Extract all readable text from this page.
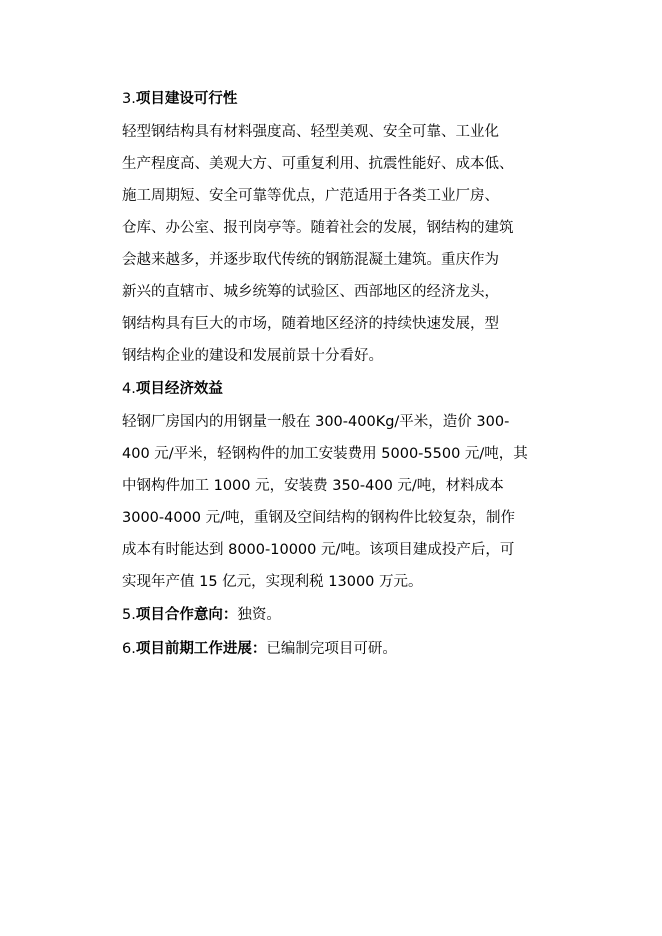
3.项目建设可行性
轻型钢结构具有材料强度高、轻型美观、安全可靠、工业化
生产程度高、美观大方、可重复利用、抗震性能好、成本低、
施工周期短、安全可靠等优点，广范适用于各类工业厂房、
仓库、办公室、报刊岗亭等。随着社会的发展，钢结构的建筑
会越来越多，并逐步取代传统的钢筋混凝土建筑。重庆作为
新兴的直辖市、城乡统筹的试验区、西部地区的经济龙头，
钢结构具有巨大的市场，随着地区经济的持续快速发展，型
钢结构企业的建设和发展前景十分看好。
4.项目经济效益
轻钢厂房国内的用钢量一般在 300-400Kg/平米，造价 300-
400 元/平米，轻钢构件的加工安装费用 5000-5500 元/吨，其
中钢构件加工 1000 元，安装费 350-400 元/吨，材料成本
3000-4000 元/吨，重钢及空间结构的钢构件比较复杂，制作
成本有时能达到 8000-10000 元/吨。该项目建成投产后，可
实现年产值 15 亿元，实现利税 13000 万元。
5.项目合作意向：独资。
6.项目前期工作进展：已编制完项目可研。
